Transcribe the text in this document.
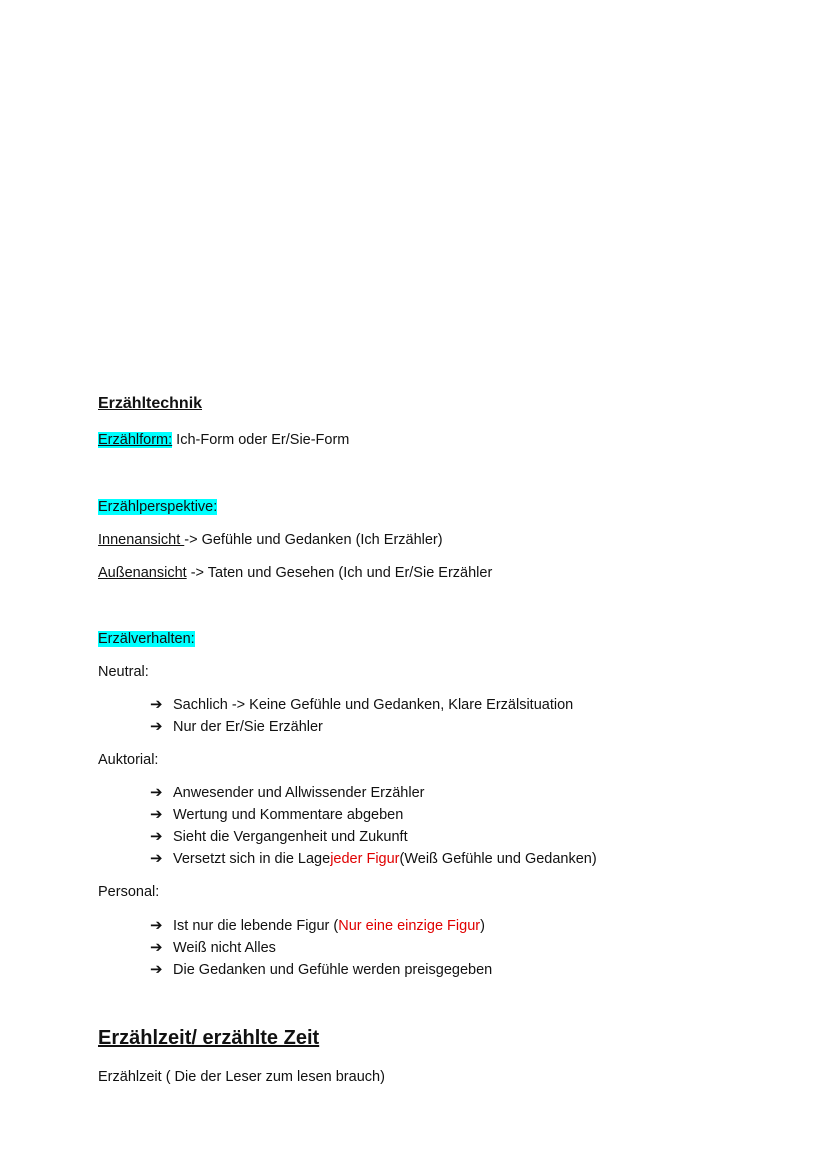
Erzähltechnik
Erzählform: Ich-Form oder Er/Sie-Form
Erzählperspektive:
Innenansicht -> Gefühle und Gedanken (Ich Erzähler)
Außenansicht -> Taten und Gesehen (Ich und Er/Sie Erzähler
Erzälverhalten:
Neutral:
➔ Sachlich -> Keine Gefühle und Gedanken, Klare Erzälsituation
➔ Nur der Er/Sie Erzähler
Auktorial:
➔ Anwesender und Allwissender Erzähler
➔ Wertung und Kommentare abgeben
➔ Sieht die Vergangenheit und Zukunft
➔ Versetzt sich in die Lage jeder Figur (Weiß Gefühle und Gedanken)
Personal:
➔ Ist nur die lebende Figur ( Nur eine einzige Figur )
➔ Weiß nicht Alles
➔ Die Gedanken und Gefühle werden preisgegeben
Erzählzeit/ erzählte Zeit
Erzählzeit ( Die der Leser zum lesen brauch)
